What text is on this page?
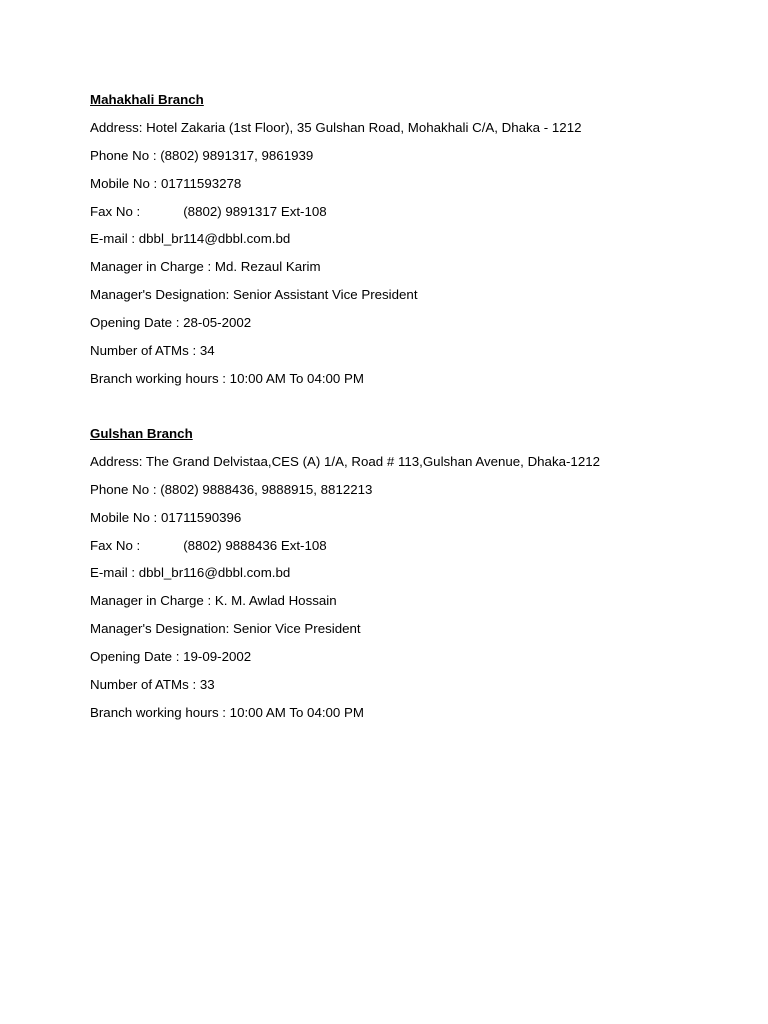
Mahakhali Branch
Address: Hotel Zakaria (1st Floor), 35 Gulshan Road, Mohakhali C/A, Dhaka - 1212
Phone No : (8802) 9891317, 9861939
Mobile No : 01711593278
Fax No :	(8802) 9891317 Ext-108
E-mail : dbbl_br114@dbbl.com.bd
Manager in Charge : Md. Rezaul Karim
Manager's Designation: Senior Assistant Vice President
Opening Date : 28-05-2002
Number of ATMs : 34
Branch working hours : 10:00 AM To 04:00 PM
Gulshan Branch
Address: The Grand Delvistaa,CES (A) 1/A, Road # 113,Gulshan Avenue, Dhaka-1212
Phone No : (8802) 9888436, 9888915, 8812213
Mobile No : 01711590396
Fax No :	(8802) 9888436 Ext-108
E-mail : dbbl_br116@dbbl.com.bd
Manager in Charge : K. M. Awlad Hossain
Manager's Designation: Senior Vice President
Opening Date : 19-09-2002
Number of ATMs : 33
Branch working hours : 10:00 AM To 04:00 PM
